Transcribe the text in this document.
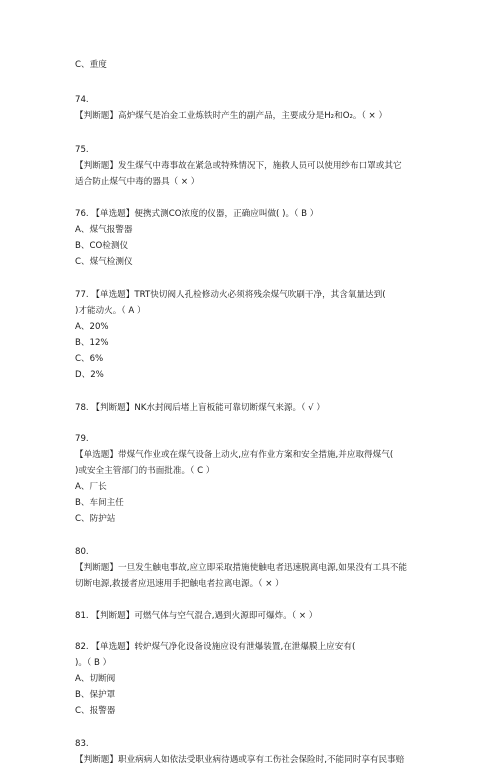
C、重度
74.
【判断题】高炉煤气是冶金工业炼铁时产生的副产品，主要成分是H₂和O₂。（ × ）
75.
【判断题】发生煤气中毒事故在紧急或特殊情况下，施救人员可以使用纱布口罩或其它
适合防止煤气中毒的器具（ × ）
76. 【单选题】便携式测CO浓度的仪器，正确应叫做( )。（ B ）
A、煤气报警器
B、CO检测仪
C、煤气检测仪
77. 【单选题】TRT快切阀人孔检修动火必须将残余煤气吹刷干净，其含氧量达到(
)才能动火。（ A ）
A、20%
B、12%
C、6%
D、2%
78. 【判断题】NK水封阀后堵上盲板能可靠切断煤气来源。（ √ ）
79.
【单选题】带煤气作业或在煤气设备上动火,应有作业方案和安全措施,并应取得煤气(
)或安全主管部门的书面批准。（ C ）
A、厂长
B、车间主任
C、防护站
80.
【判断题】一旦发生触电事故,应立即采取措施使触电者迅速脱离电源,如果没有工具不能
切断电源,救援者应迅速用手把触电者拉离电源。（ × ）
81. 【判断题】可燃气体与空气混合,遇到火源即可爆炸。（ × ）
82. 【单选题】转炉煤气净化设备设施应设有泄爆装置,在泄爆膜上应安有(
)。（ B ）
A、切断阀
B、保护罩
C、报警器
83.
【判断题】职业病病人如依法受职业病待遇或享有工伤社会保险时,不能同时享有民事赔
